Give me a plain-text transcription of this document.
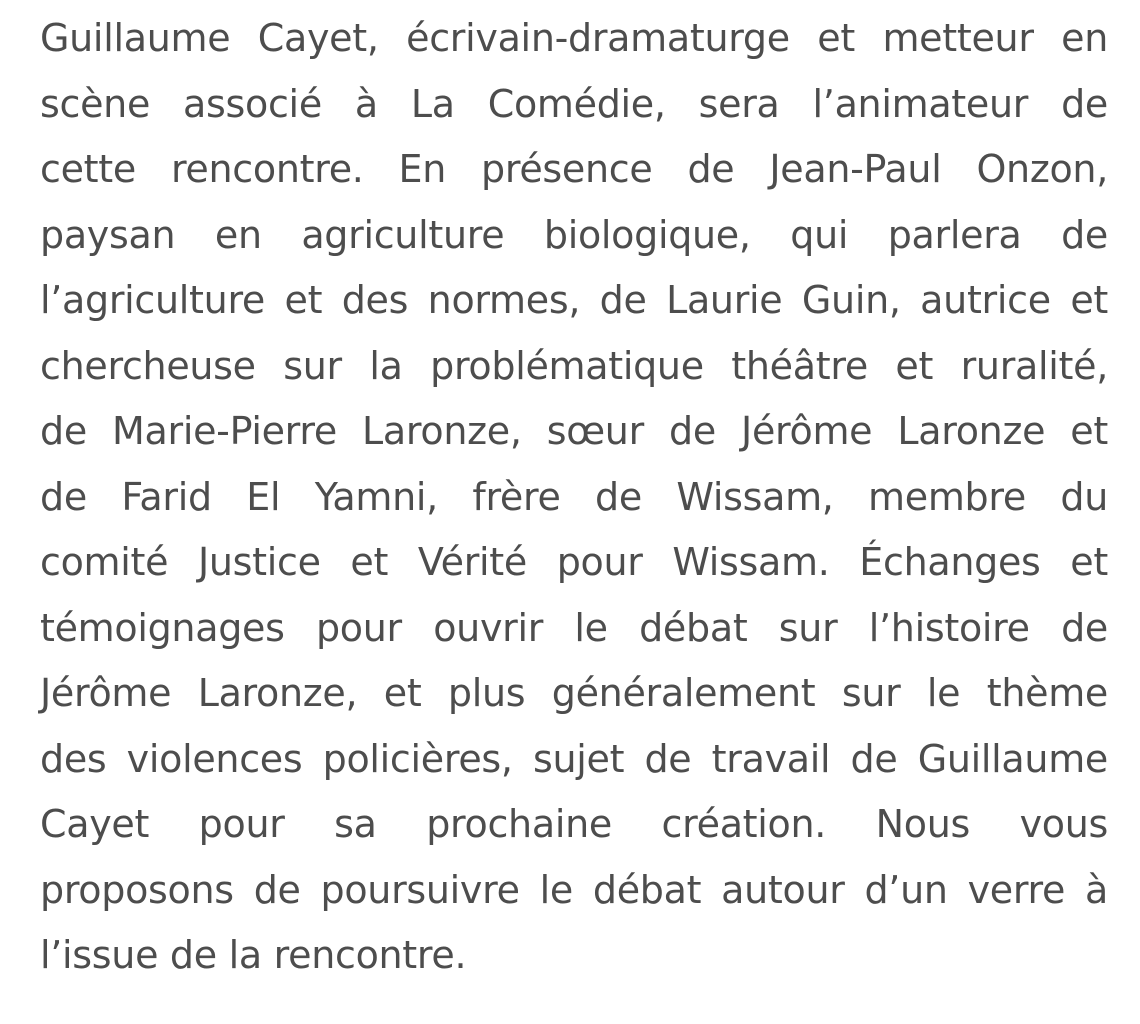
Guillaume Cayet, écrivain-dramaturge et metteur en
scène associé à La Comédie, sera l’animateur de
cette rencontre. En présence de Jean-Paul Onzon,
paysan en agriculture biologique, qui parlera de
l’agriculture et des normes, de Laurie Guin, autrice et
chercheuse sur la problématique théâtre et ruralité,
de Marie-Pierre Laronze, sœur de Jérôme Laronze et
de Farid El Yamni, frère de Wissam, membre du
comité Justice et Vérité pour Wissam. Échanges et
témoignages pour ouvrir le débat sur l’histoire de
Jérôme Laronze, et plus généralement sur le thème
des violences policières, sujet de travail de Guillaume
Cayet pour sa prochaine création. Nous vous
proposons de poursuivre le débat autour d’un verre à
l’issue de la rencontre.
